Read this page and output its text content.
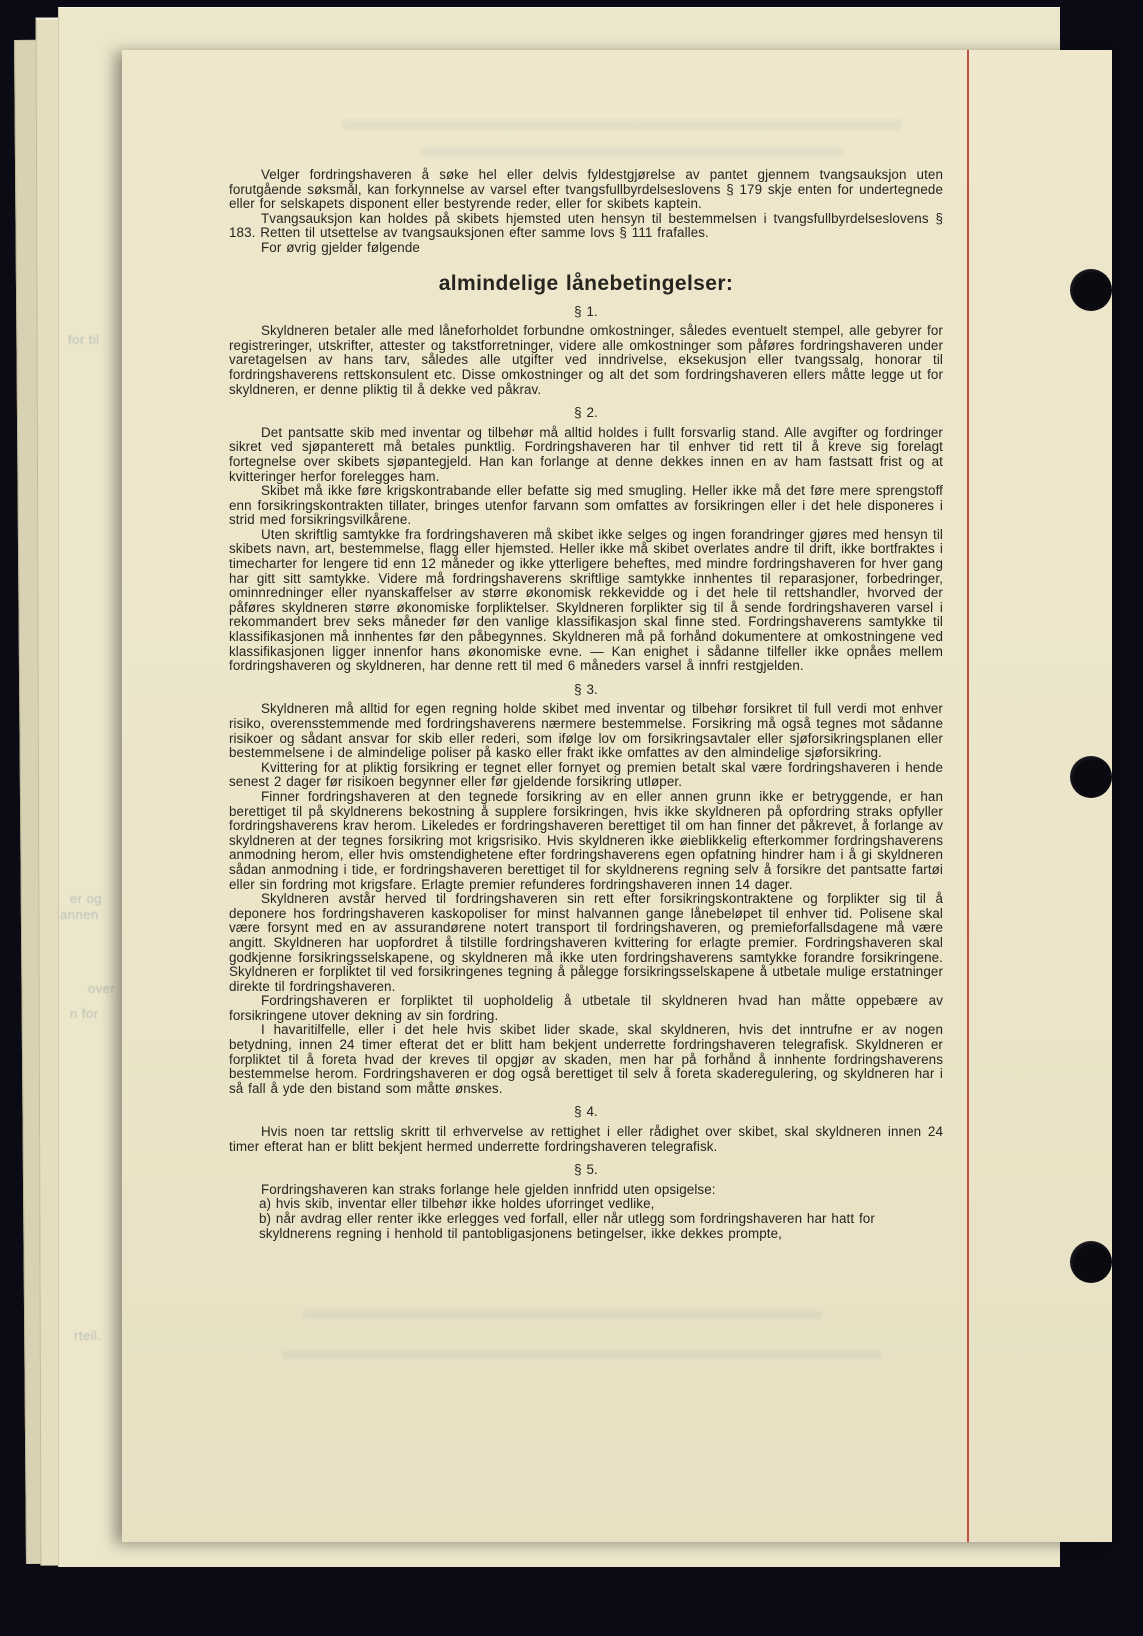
for til
er og
annen
over
n for
rteil.

Velger fordringshaveren å søke hel eller delvis fyldestgjørelse av pantet gjennem tvangsauksjon uten forutgående søksmål, kan forkynnelse av varsel efter tvangsfullbyrdelseslovens § 179 skje enten for undertegnede eller for selskapets disponent eller bestyrende reder, eller for skibets kaptein.

Tvangsauksjon kan holdes på skibets hjemsted uten hensyn til bestemmelsen i tvangsfullbyrdelseslovens § 183. Retten til utsettelse av tvangsauksjonen efter samme lovs § 111 frafalles.

For øvrig gjelder følgende

almindelige lånebetingelser:
§ 1.

Skyldneren betaler alle med låneforholdet forbundne omkostninger, således eventuelt stempel, alle gebyrer for registreringer, utskrifter, attester og takstforretninger, videre alle omkostninger som påføres fordringshaveren under varetagelsen av hans tarv, således alle utgifter ved inndrivelse, eksekusjon eller tvangssalg, honorar til fordringshaverens rettskonsulent etc. Disse omkostninger og alt det som fordringshaveren ellers måtte legge ut for skyldneren, er denne pliktig til å dekke ved påkrav.

§ 2.

Det pantsatte skib med inventar og tilbehør må alltid holdes i fullt forsvarlig stand. Alle avgifter og fordringer sikret ved sjøpanterett må betales punktlig. Fordringshaveren har til enhver tid rett til å kreve sig forelagt fortegnelse over skibets sjøpantegjeld. Han kan forlange at denne dekkes innen en av ham fastsatt frist og at kvitteringer herfor forelegges ham.

Skibet må ikke føre krigskontrabande eller befatte sig med smugling. Heller ikke må det føre mere sprengstoff enn forsikringskontrakten tillater, bringes utenfor farvann som omfattes av forsikringen eller i det hele disponeres i strid med forsikringsvilkårene.

Uten skriftlig samtykke fra fordringshaveren må skibet ikke selges og ingen forandringer gjøres med hensyn til skibets navn, art, bestemmelse, flagg eller hjemsted. Heller ikke må skibet overlates andre til drift, ikke bortfraktes i timecharter for lengere tid enn 12 måneder og ikke ytterligere beheftes, med mindre fordringshaveren for hver gang har gitt sitt samtykke. Videre må fordringshaverens skriftlige samtykke innhentes til reparasjoner, forbedringer, ominnredninger eller nyanskaffelser av større økonomisk rekkevidde og i det hele til rettshandler, hvorved der påføres skyldneren større økonomiske forpliktelser. Skyldneren forplikter sig til å sende fordringshaveren varsel i rekommandert brev seks måneder før den vanlige klassifikasjon skal finne sted. Fordringshaverens samtykke til klassifikasjonen må innhentes før den påbegynnes. Skyldneren må på forhånd dokumentere at omkostningene ved klassifikasjonen ligger innenfor hans økonomiske evne. — Kan enighet i sådanne tilfeller ikke opnåes mellem fordringshaveren og skyldneren, har denne rett til med 6 måneders varsel å innfri restgjelden.

§ 3.

Skyldneren må alltid for egen regning holde skibet med inventar og tilbehør forsikret til full verdi mot enhver risiko, overensstemmende med fordringshaverens nærmere bestemmelse. Forsikring må også tegnes mot sådanne risikoer og sådant ansvar for skib eller rederi, som ifølge lov om forsikringsavtaler eller sjøforsikringsplanen eller bestemmelsene i de almindelige poliser på kasko eller frakt ikke omfattes av den almindelige sjøforsikring.

Kvittering for at pliktig forsikring er tegnet eller fornyet og premien betalt skal være fordringshaveren i hende senest 2 dager før risikoen begynner eller før gjeldende forsikring utløper.

Finner fordringshaveren at den tegnede forsikring av en eller annen grunn ikke er betryggende, er han berettiget til på skyldnerens bekostning å supplere forsikringen, hvis ikke skyldneren på opfordring straks opfyller fordringshaverens krav herom. Likeledes er fordringshaveren berettiget til om han finner det påkrevet, å forlange av skyldneren at der tegnes forsikring mot krigsrisiko. Hvis skyldneren ikke øieblikkelig efterkommer fordringshaverens anmodning herom, eller hvis omstendighetene efter fordringshaverens egen opfatning hindrer ham i å gi skyldneren sådan anmodning i tide, er fordringshaveren berettiget til for skyldnerens regning selv å forsikre det pantsatte fartøi eller sin fordring mot krigsfare. Erlagte premier refunderes fordringshaveren innen 14 dager.

Skyldneren avstår herved til fordringshaveren sin rett efter forsikringskontraktene og forplikter sig til å deponere hos fordringshaveren kaskopoliser for minst halvannen gange lånebeløpet til enhver tid. Polisene skal være forsynt med en av assurandørene notert transport til fordringshaveren, og premieforfallsdagene må være angitt. Skyldneren har uopfordret å tilstille fordringshaveren kvittering for erlagte premier. Fordringshaveren skal godkjenne forsikringsselskapene, og skyldneren må ikke uten fordringshaverens samtykke forandre forsikringene. Skyldneren er forpliktet til ved forsikringenes tegning å pålegge forsikringsselskapene å utbetale mulige erstatninger direkte til fordringshaveren.

Fordringshaveren er forpliktet til uopholdelig å utbetale til skyldneren hvad han måtte oppebære av forsikringene utover dekning av sin fordring.

I havaritilfelle, eller i det hele hvis skibet lider skade, skal skyldneren, hvis det inntrufne er av nogen betydning, innen 24 timer efterat det er blitt ham bekjent underrette fordringshaveren telegrafisk. Skyldneren er forpliktet til å foreta hvad der kreves til opgjør av skaden, men har på forhånd å innhente fordringshaverens bestemmelse herom. Fordringshaveren er dog også berettiget til selv å foreta skaderegulering, og skyldneren har i så fall å yde den bistand som måtte ønskes.

§ 4.

Hvis noen tar rettslig skritt til erhvervelse av rettighet i eller rådighet over skibet, skal skyldneren innen 24 timer efterat han er blitt bekjent hermed underrette fordringshaveren telegrafisk.

§ 5.

Fordringshaveren kan straks forlange hele gjelden innfridd uten opsigelse:

a) hvis skib, inventar eller tilbehør ikke holdes uforringet vedlike,

b) når avdrag eller renter ikke erlegges ved forfall, eller når utlegg som fordringshaveren har hatt for skyldnerens regning i henhold til pantobligasjonens betingelser, ikke dekkes prompte,
